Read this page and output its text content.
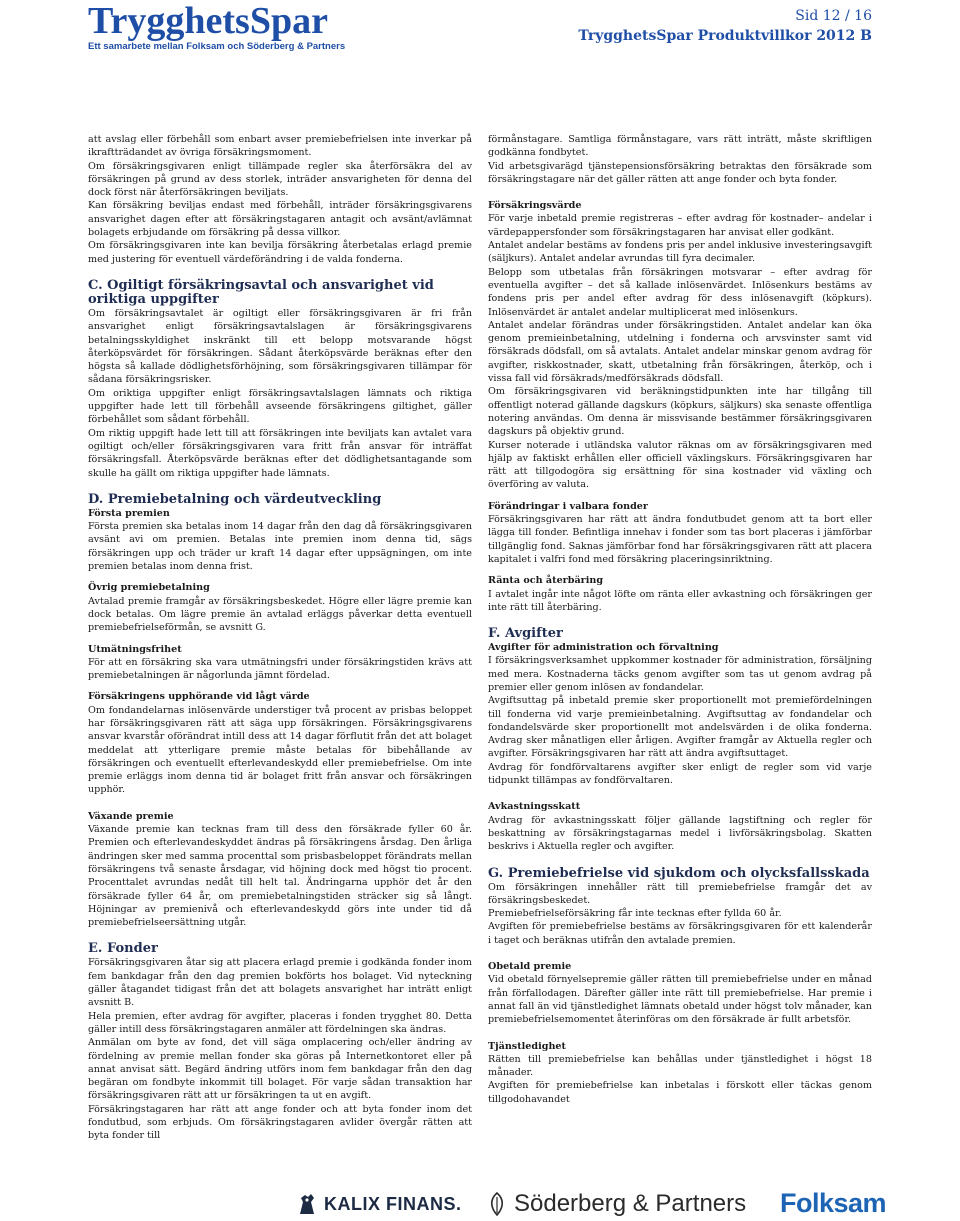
TrygghetsSpar
Ett samarbete mellan Folksam och Söderberg & Partners
Sid 12 / 16
TrygghetsSpar Produktvillkor 2012 B

att avslag eller förbehåll som enbart avser premiebefrielsen inte inverkar på ikraftträdandet av övriga försäkringsmoment.

Om försäkringsgivaren enligt tillämpade regler ska återförsäkra del av försäkringen på grund av dess storlek, inträder ansvarigheten för denna del dock först när återförsäkringen beviljats.

Kan försäkring beviljas endast med förbehåll, inträder försäkringsgivarens ansvarighet dagen efter att försäkringstagaren antagit och avsänt/avlämnat bolagets erbjudande om försäkring på dessa villkor.

Om försäkringsgivaren inte kan bevilja försäkring återbetalas erlagd premie med justering för eventuell värdeförändring i de valda fonderna.

C. Ogiltigt försäkringsavtal och ansvarighet vid oriktiga uppgifter

Om försäkringsavtalet är ogiltigt eller försäkringsgivaren är fri från ansvarighet enligt försäkringsavtalslagen är försäkringsgivarens betalningsskyldighet inskränkt till ett belopp motsvarande högst återköpsvärdet för försäkringen. Sådant återköpsvärde beräknas efter den högsta så kallade dödlighetsförhöjning, som försäkringsgivaren tillämpar för sådana försäkringsrisker.

Om oriktiga uppgifter enligt försäkringsavtalslagen lämnats och riktiga uppgifter hade lett till förbehåll avseende försäkringens giltighet, gäller förbehållet som sådant förbehåll.

Om riktig uppgift hade lett till att försäkringen inte beviljats kan avtalet vara ogiltigt och/eller försäkringsgivaren vara fritt från ansvar för inträffat försäkringsfall. Återköpsvärde beräknas efter det dödlighetsantagande som skulle ha gällt om riktiga uppgifter hade lämnats.

D. Premiebetalning och värdeutveckling
Första premien

Första premien ska betalas inom 14 dagar från den dag då försäkringsgivaren avsänt avi om premien. Betalas inte premien inom denna tid, sägs försäkringen upp och träder ur kraft 14 dagar efter uppsägningen, om inte premien betalas inom denna frist.

Övrig premiebetalning

Avtalad premie framgår av försäkringsbeskedet. Högre eller lägre premie kan dock betalas. Om lägre premie än avtalad erläggs påverkar detta eventuell premiebefrielseförmån, se avsnitt G.

Utmätningsfrihet

För att en försäkring ska vara utmätningsfri under försäkringstiden krävs att premiebetalningen är någorlunda jämnt fördelad.

Försäkringens upphörande vid lågt värde

Om fondandelarnas inlösenvärde understiger två procent av prisbas beloppet har försäkringsgivaren rätt att säga upp försäkringen. Försäkringsgivarens ansvar kvarstår oförändrat intill dess att 14 dagar förflutit från det att bolaget meddelat att ytterligare premie måste betalas för bibehållande av försäkringen och eventuellt efterlevandeskydd eller premiebefrielse. Om inte premie erläggs inom denna tid är bolaget fritt från ansvar och försäkringen upphör.

Växande premie

Växande premie kan tecknas fram till dess den försäkrade fyller 60 år. Premien och efterlevandeskyddet ändras på försäkringens årsdag. Den årliga ändringen sker med samma procenttal som prisbasbeloppet förändrats mellan försäkringens två senaste årsdagar, vid höjning dock med högst tio procent. Procenttalet avrundas nedåt till helt tal. Ändringarna upphör det år den försäkrade fyller 64 år, om premiebetalningstiden sträcker sig så långt. Höjningar av premienivå och efterlevandeskydd görs inte under tid då premiebefrielseersättning utgår.

E. Fonder

Försäkringsgivaren åtar sig att placera erlagd premie i godkända fonder inom fem bankdagar från den dag premien bokförts hos bolaget. Vid nyteckning gäller åtagandet tidigast från det att bolagets ansvarighet har inträtt enligt avsnitt B.

Hela premien, efter avdrag för avgifter, placeras i fonden trygghet 80. Detta gäller intill dess försäkringstagaren anmäler att fördelningen ska ändras.

Anmälan om byte av fond, det vill säga omplacering och/eller ändring av fördelning av premie mellan fonder ska göras på Internetkontoret eller på annat anvisat sätt. Begärd ändring utförs inom fem bankdagar från den dag begäran om fondbyte inkommit till bolaget. För varje sådan transaktion har försäkringsgivaren rätt att ur försäkringen ta ut en avgift.

Försäkringstagaren har rätt att ange fonder och att byta fonder inom det fondutbud, som erbjuds. Om försäkringstagaren avlider övergår rätten att byta fonder till

förmånstagare. Samtliga förmånstagare, vars rätt inträtt, måste skriftligen godkänna fondbytet.

Vid arbetsgivarägd tjänstepensionsförsäkring betraktas den försäkrade som försäkringstagare när det gäller rätten att ange fonder och byta fonder.

Försäkringsvärde

För varje inbetald premie registreras – efter avdrag för kostnader– andelar i värdepappersfonder som försäkringstagaren har anvisat eller godkänt.

Antalet andelar bestäms av fondens pris per andel inklusive investeringsavgift (säljkurs). Antalet andelar avrundas till fyra decimaler.

Belopp som utbetalas från försäkringen motsvarar – efter avdrag för eventuella avgifter – det så kallade inlösenvärdet. Inlösenkurs bestäms av fondens pris per andel efter avdrag för dess inlösenavgift (köpkurs). Inlösenvärdet är antalet andelar multiplicerat med inlösenkurs.

Antalet andelar förändras under försäkringstiden. Antalet andelar kan öka genom premieinbetalning, utdelning i fonderna och arvsvinster samt vid försäkrads dödsfall, om så avtalats. Antalet andelar minskar genom avdrag för avgifter, riskkostnader, skatt, utbetalning från försäkringen, återköp, och i vissa fall vid försäkrads/medförsäkrads dödsfall.

Om försäkringsgivaren vid beräkningstidpunkten inte har tillgång till offentligt noterad gällande dagskurs (köpkurs, säljkurs) ska senaste offentliga notering användas. Om denna är missvisande bestämmer försäkringsgivaren dagskurs på objektiv grund.

Kurser noterade i utländska valutor räknas om av försäkringsgivaren med hjälp av faktiskt erhållen eller officiell växlingskurs. Försäkringsgivaren har rätt att tillgodogöra sig ersättning för sina kostnader vid växling och överföring av valuta.

Förändringar i valbara fonder

Försäkringsgivaren har rätt att ändra fondutbudet genom att ta bort eller lägga till fonder. Befintliga innehav i fonder som tas bort placeras i jämförbar tillgänglig fond. Saknas jämförbar fond har försäkringsgivaren rätt att placera kapitalet i valfri fond med försäkring placeringsinriktning.

Ränta och återbäring

I avtalet ingår inte något löfte om ränta eller avkastning och försäkringen ger inte rätt till återbäring.

F. Avgifter
Avgifter för administration och förvaltning

I försäkringsverksamhet uppkommer kostnader för administration, försäljning med mera. Kostnaderna täcks genom avgifter som tas ut genom avdrag på premier eller genom inlösen av fondandelar.

Avgiftsuttag på inbetald premie sker proportionellt mot premiefördelningen till fonderna vid varje premieinbetalning. Avgiftsuttag av fondandelar och fondandelsvärde sker proportionellt mot andelsvärden i de olika fonderna. Avdrag sker månatligen eller årligen. Avgifter framgår av Aktuella regler och avgifter. Försäkringsgivaren har rätt att ändra avgiftsuttaget.

Avdrag för fondförvaltarens avgifter sker enligt de regler som vid varje tidpunkt tillämpas av fondförvaltaren.

Avkastningsskatt

Avdrag för avkastningsskatt följer gällande lagstiftning och regler för beskattning av försäkringstagarnas medel i livförsäkringsbolag. Skatten beskrivs i Aktuella regler och avgifter.

G. Premiebefrielse vid sjukdom och olycksfallsskada

Om försäkringen innehåller rätt till premiebefrielse framgår det av försäkringsbeskedet.

Premiebefrielseförsäkring får inte tecknas efter fyllda 60 år.

Avgiften för premiebefrielse bestäms av försäkringsgivaren för ett kalenderår i taget och beräknas utifrån den avtalade premien.

Obetald premie

Vid obetald förnyelsepremie gäller rätten till premiebefrielse under en månad från förfallodagen. Därefter gäller inte rätt till premiebefrielse. Har premie i annat fall än vid tjänstledighet lämnats obetald under högst tolv månader, kan premiebefrielsemomentet återinföras om den försäkrade är fullt arbetsför.

Tjänstledighet

Rätten till premiebefrielse kan behållas under tjänstledighet i högst 18 månader.

Avgiften för premiebefrielse kan inbetalas i förskott eller täckas genom tillgodohavandet

KALIX FINANS. Söderberg & Partners Folksam
